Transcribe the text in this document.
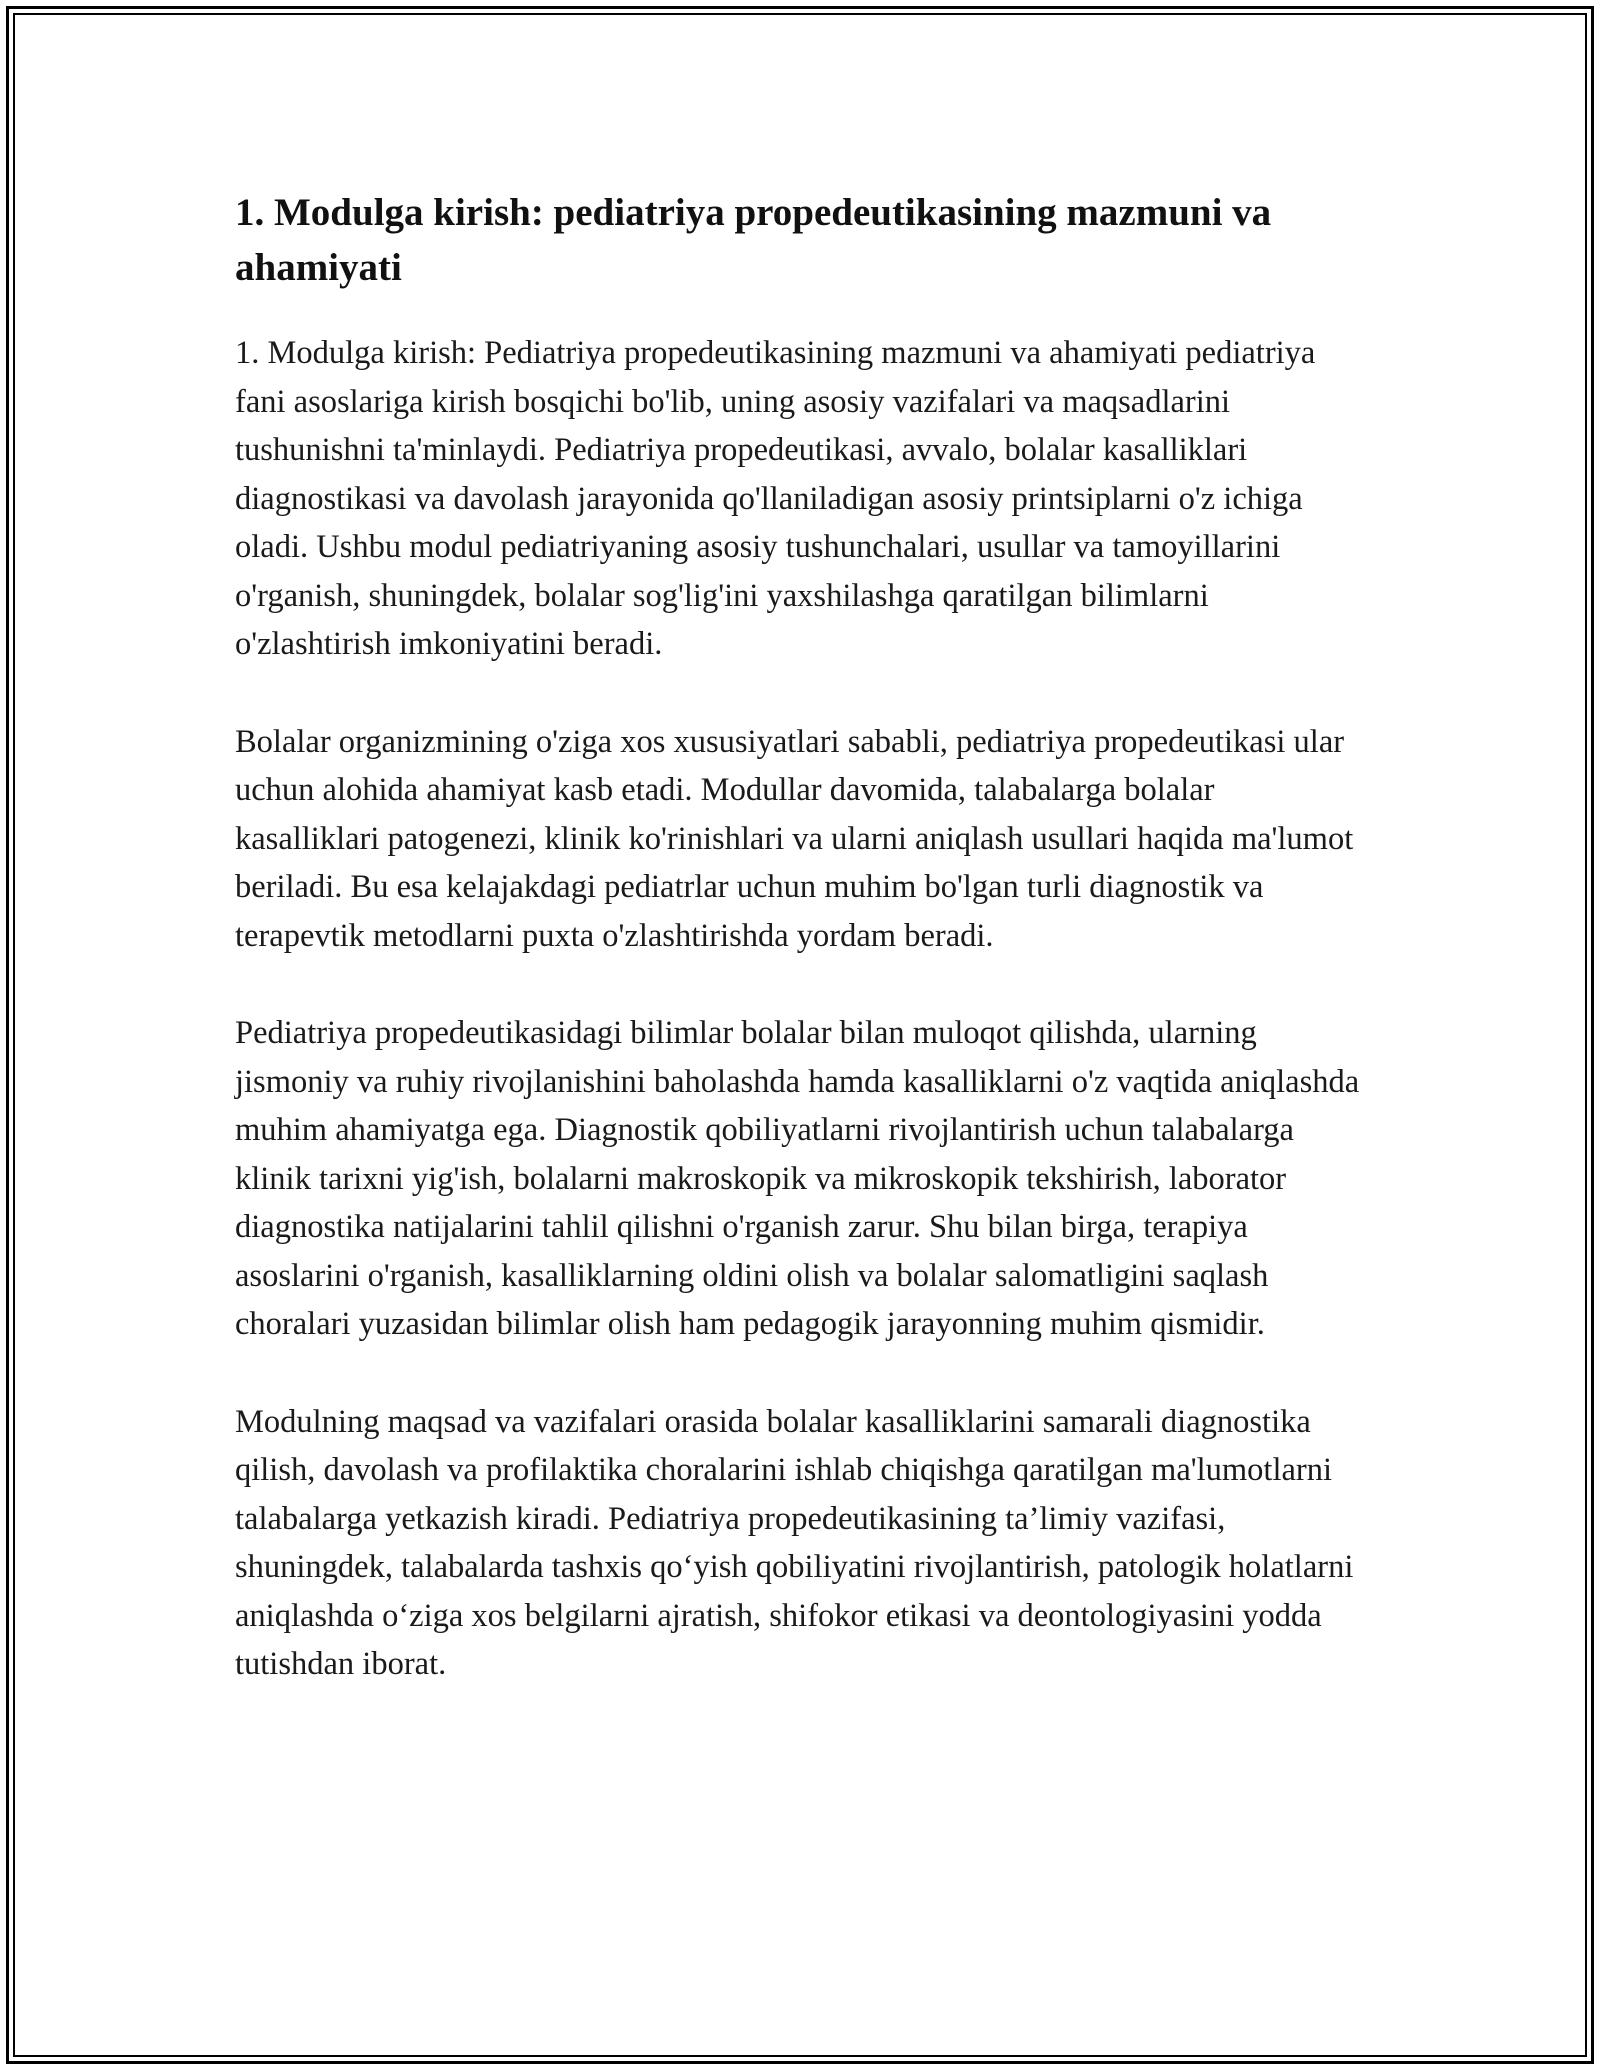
1. Modulga kirish: pediatriya propedeutikasining mazmuni va ahamiyati

1. Modulga kirish: Pediatriya propedeutikasining mazmuni va ahamiyati pediatriya fani asoslariga kirish bosqichi bo'lib, uning asosiy vazifalari va maqsadlarini tushunishni ta'minlaydi. Pediatriya propedeutikasi, avvalo, bolalar kasalliklari diagnostikasi va davolash jarayonida qo'llaniladigan asosiy printsiplarni o'z ichiga oladi. Ushbu modul pediatriyaning asosiy tushunchalari, usullar va tamoyillarini o'rganish, shuningdek, bolalar sog'lig'ini yaxshilashga qaratilgan bilimlarni o'zlashtirish imkoniyatini beradi.

Bolalar organizmining o'ziga xos xususiyatlari sababli, pediatriya propedeutikasi ular uchun alohida ahamiyat kasb etadi. Modullar davomida, talabalarga bolalar kasalliklari patogenezi, klinik ko'rinishlari va ularni aniqlash usullari haqida ma'lumot beriladi. Bu esa kelajakdagi pediatrlar uchun muhim bo'lgan turli diagnostik va terapevtik metodlarni puxta o'zlashtirishda yordam beradi.

Pediatriya propedeutikasidagi bilimlar bolalar bilan muloqot qilishda, ularning jismoniy va ruhiy rivojlanishini baholashda hamda kasalliklarni o'z vaqtida aniqlashda muhim ahamiyatga ega. Diagnostik qobiliyatlarni rivojlantirish uchun talabalarga klinik tarixni yig'ish, bolalarni makroskopik va mikroskopik tekshirish, laborator diagnostika natijalarini tahlil qilishni o'rganish zarur. Shu bilan birga, terapiya asoslarini o'rganish, kasalliklarning oldini olish va bolalar salomatligini saqlash choralari yuzasidan bilimlar olish ham pedagogik jarayonning muhim qismidir.

Modulning maqsad va vazifalari orasida bolalar kasalliklarini samarali diagnostika qilish, davolash va profilaktika choralarini ishlab chiqishga qaratilgan ma'lumotlarni talabalarga yetkazish kiradi. Pediatriya propedeutikasining ta’limiy vazifasi, shuningdek, talabalarda tashxis qo‘yish qobiliyatini rivojlantirish, patologik holatlarni aniqlashda o‘ziga xos belgilarni ajratish, shifokor etikasi va deontologiyasini yodda tutishdan iborat.
